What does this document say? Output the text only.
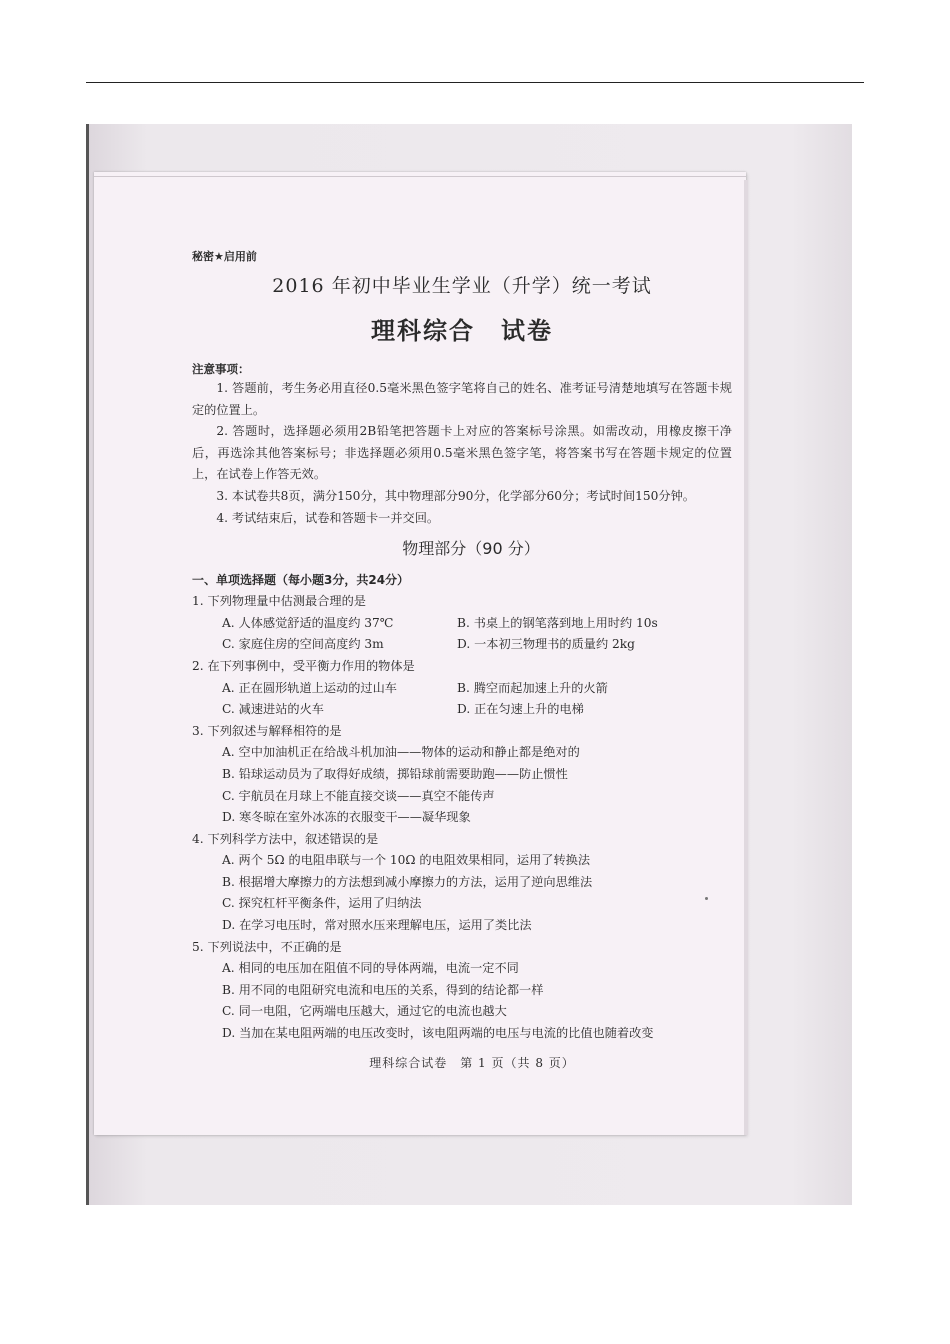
秘密★启用前

2016 年初中毕业生学业（升学）统一考试

理科综合　试卷

注意事项：

1. 答题前，考生务必用直径0.5毫米黑色签字笔将自己的姓名、准考证号清楚地填写在答题卡规定的位置上。

2. 答题时，选择题必须用2B铅笔把答题卡上对应的答案标号涂黑。如需改动，用橡皮擦干净后，再选涂其他答案标号；非选择题必须用0.5毫米黑色签字笔，将答案书写在答题卡规定的位置上，在试卷上作答无效。

3. 本试卷共8页，满分150分，其中物理部分90分，化学部分60分；考试时间150分钟。

4. 考试结束后，试卷和答题卡一并交回。

物理部分（90 分）

一、单项选择题（每小题3分，共24分）

1. 下列物理量中估测最合理的是

A. 人体感觉舒适的温度约 37℃	B. 书桌上的钢笔落到地上用时约 10s
C. 家庭住房的空间高度约 3m	D. 一本初三物理书的质量约 2kg

2. 在下列事例中，受平衡力作用的物体是

A. 正在圆形轨道上运动的过山车	B. 腾空而起加速上升的火箭
C. 减速进站的火车	D. 正在匀速上升的电梯

3. 下列叙述与解释相符的是

A. 空中加油机正在给战斗机加油——物体的运动和静止都是绝对的
B. 铅球运动员为了取得好成绩，掷铅球前需要助跑——防止惯性
C. 宇航员在月球上不能直接交谈——真空不能传声
D. 寒冬晾在室外冰冻的衣服变干——凝华现象

4. 下列科学方法中，叙述错误的是

A. 两个 5Ω 的电阻串联与一个 10Ω 的电阻效果相同，运用了转换法
B. 根据增大摩擦力的方法想到减小摩擦力的方法，运用了逆向思维法
C. 探究杠杆平衡条件，运用了归纳法
D. 在学习电压时，常对照水压来理解电压，运用了类比法

5. 下列说法中，不正确的是

A. 相同的电压加在阻值不同的导体两端，电流一定不同
B. 用不同的电阻研究电流和电压的关系，得到的结论都一样
C. 同一电阻，它两端电压越大，通过它的电流也越大
D. 当加在某电阻两端的电压改变时，该电阻两端的电压与电流的比值也随着改变

理科综合试卷　第 1 页（共 8 页）
